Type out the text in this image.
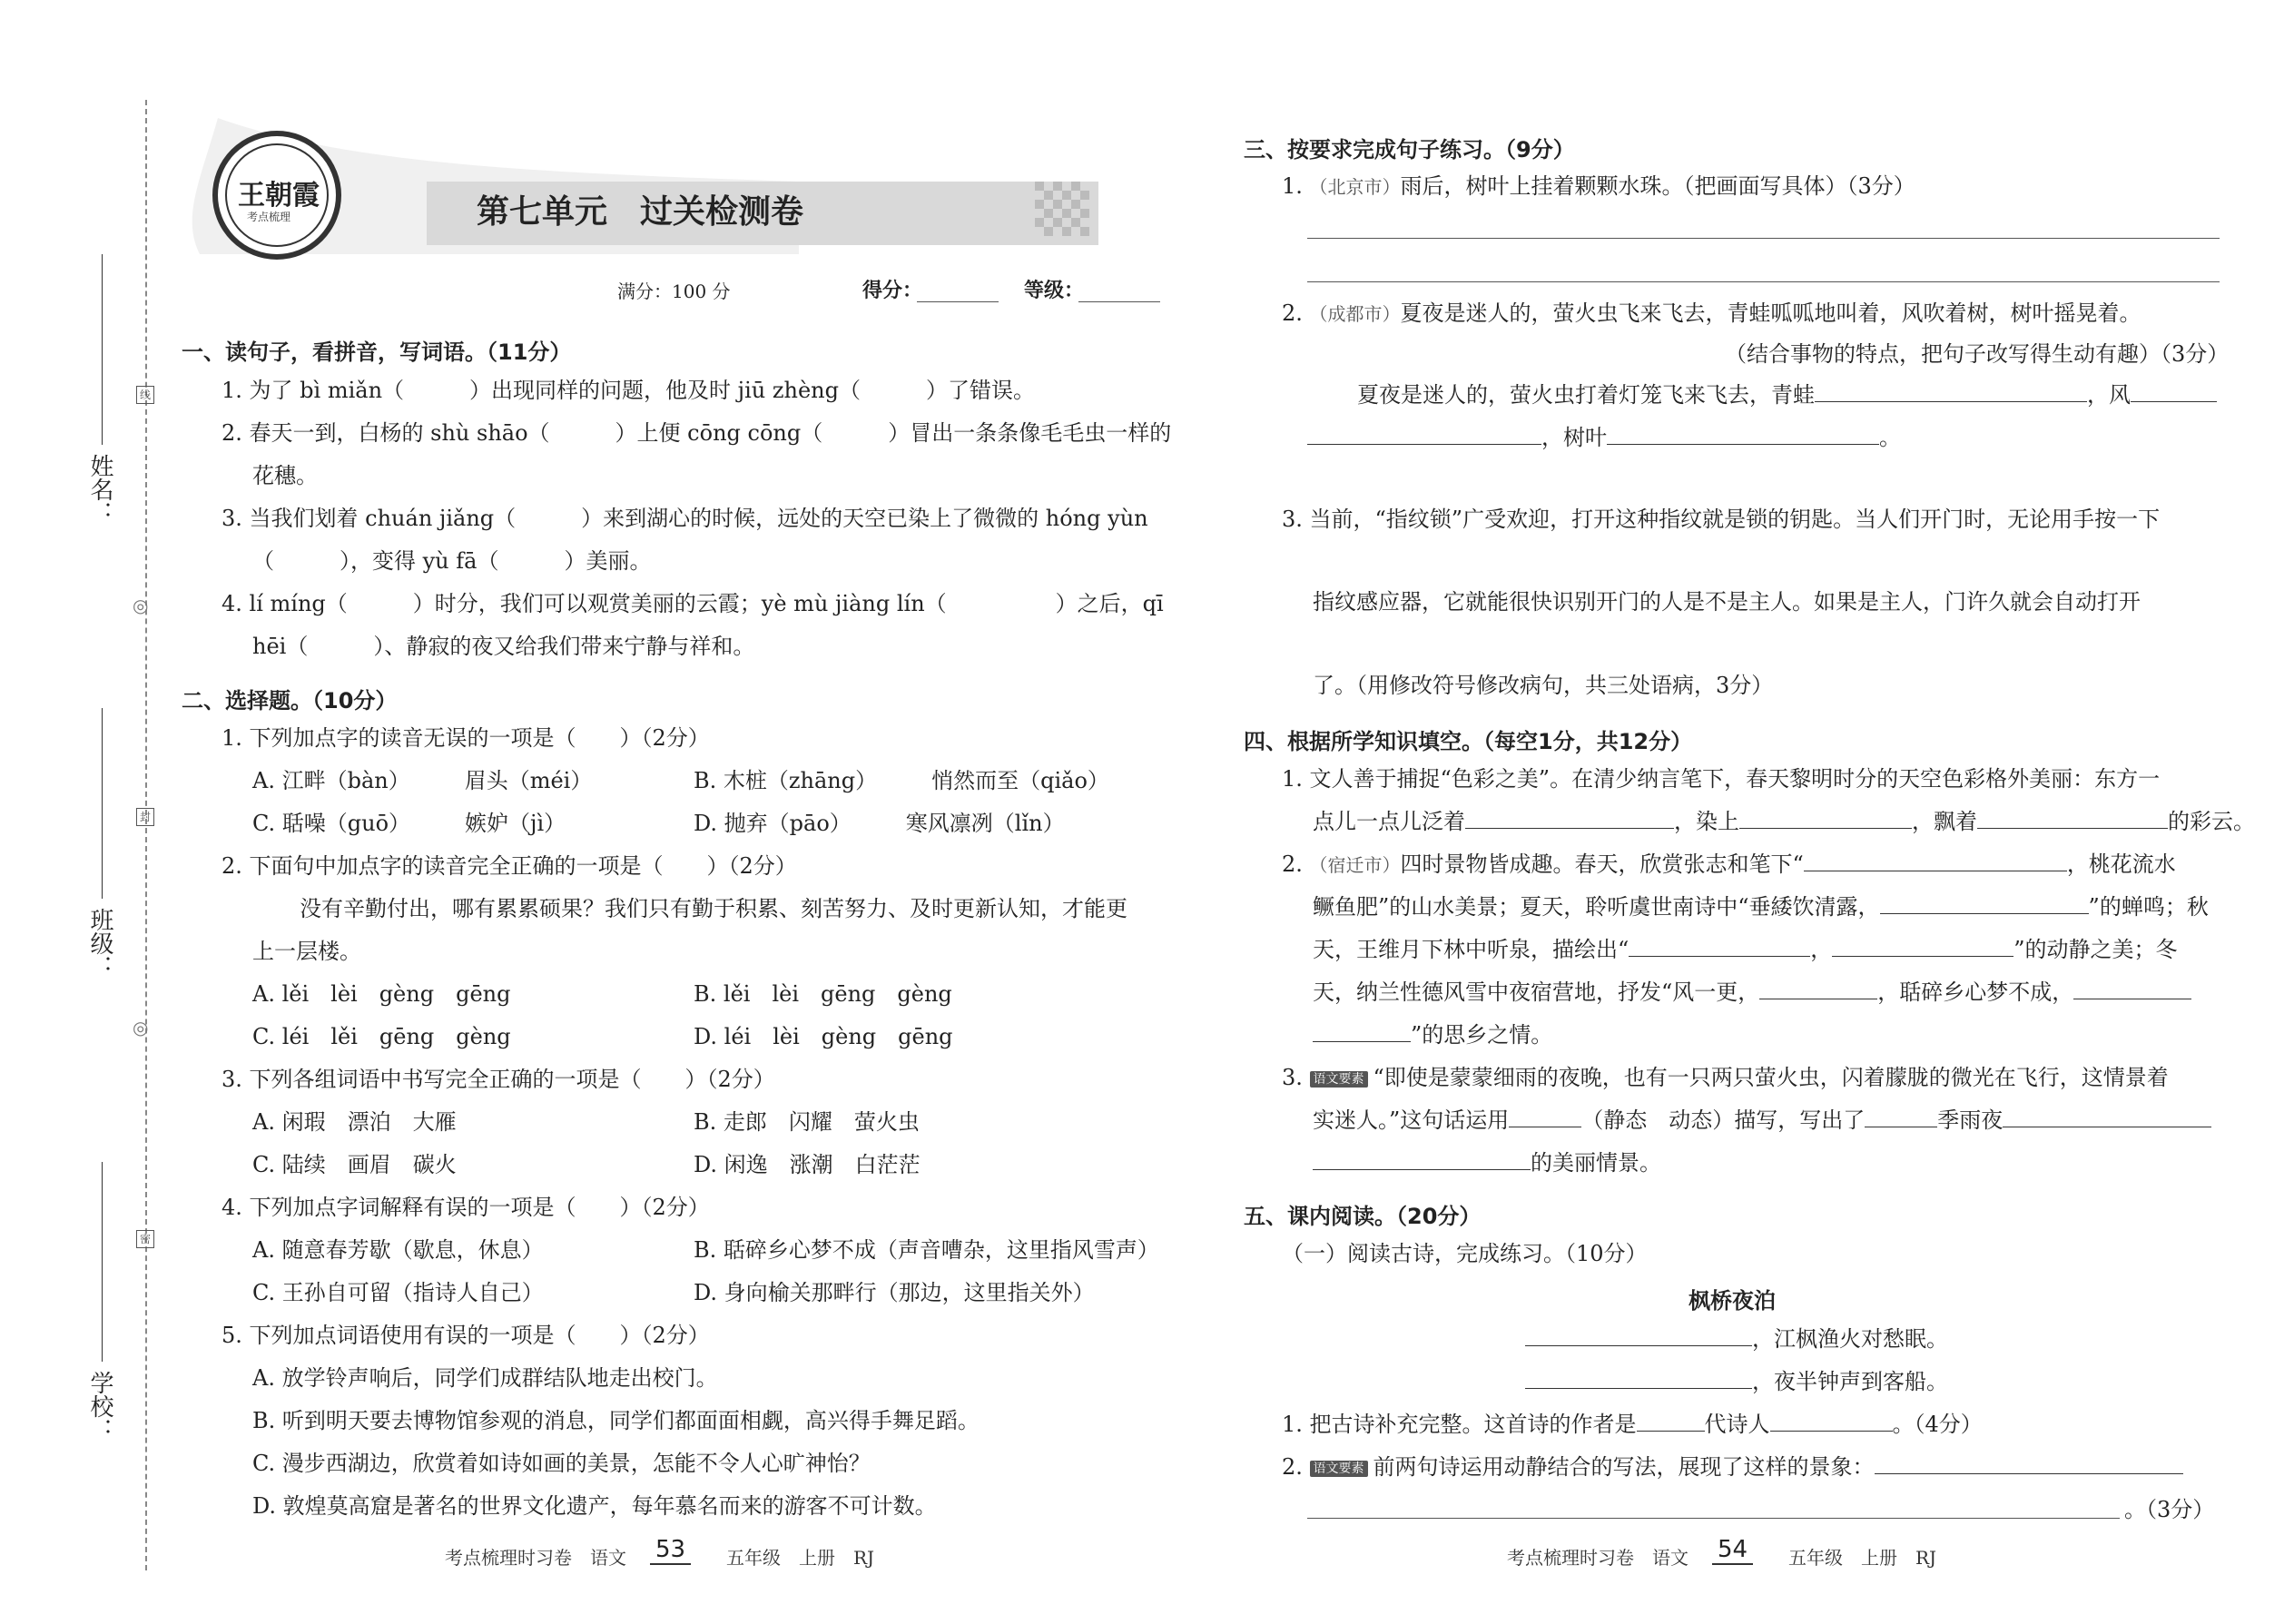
线
封
密
◎
◎
姓名：
班级：
学校：
王朝霞
考点梳理	第七单元　过关检测卷
满分：100 分	得分：	等级：
一、读句子，看拼音，写词语。（11分）
1. 为了 bì miǎn（　　　）出现同样的问题，他及时 jiū zhèng（　　　）了错误。
2. 春天一到，白杨的 shù shāo（　　　）上便 cōng cōng（　　　）冒出一条条像毛毛虫一样的
花穗。
3. 当我们划着 chuán jiǎng（　　　）来到湖心的时候，远处的天空已染上了微微的 hóng yùn
（　　　），变得 yù fā（　　　）美丽。
4. lí míng（　　　）时分，我们可以观赏美丽的云霞；yè mù jiàng lín（　　　　　）之后，qī
hēi（　　　）、静寂的夜又给我们带来宁静与祥和。
二、选择题。（10分）
1. 下列加点字的读音无误的一项是（　　）（2分）
A. 江畔（bàn）　　　眉头（méi）	B. 木桩（zhāng）　　　悄然而至（qiǎo）
C. 聒噪（guō）　　　嫉妒（jì）	D. 抛弃（pāo）　　　寒风凛冽（lǐn）
2. 下面句中加点字的读音完全正确的一项是（　　）（2分）
没有辛勤付出，哪有累累硕果？我们只有勤于积累、刻苦努力、及时更新认知，才能更
上一层楼。
A. lěi　lèi　gèng　gēng	B. lěi　lèi　gēng　gèng
C. léi　lěi　gēng　gèng	D. léi　lèi　gèng　gēng
3. 下列各组词语中书写完全正确的一项是（　　）（2分）
A. 闲瑕　漂泊　大雁	B. 走郎　闪耀　萤火虫
C. 陆续　画眉　碳火	D. 闲逸　涨潮　白茫茫
4. 下列加点字词解释有误的一项是（　　）（2分）
A. 随意春芳歇（歇息，休息）	B. 聒碎乡心梦不成（声音嘈杂，这里指风雪声）
C. 王孙自可留（指诗人自己）	D. 身向榆关那畔行（那边，这里指关外）
5. 下列加点词语使用有误的一项是（　　）（2分）
A. 放学铃声响后，同学们成群结队地走出校门。
B. 听到明天要去博物馆参观的消息，同学们都面面相觑，高兴得手舞足蹈。
C. 漫步西湖边，欣赏着如诗如画的美景，怎能不令人心旷神怡？
D. 敦煌莫高窟是著名的世界文化遗产，每年慕名而来的游客不可计数。
考点梳理时习卷　语文 53	五年级　上册　RJ
三、按要求完成句子练习。（9分）
1. （北京市）雨后，树叶上挂着颗颗水珠。（把画面写具体）（3分）
2. （成都市）夏夜是迷人的，萤火虫飞来飞去，青蛙呱呱地叫着，风吹着树，树叶摇晃着。
（结合事物的特点，把句子改写得生动有趣）（3分）
夏夜是迷人的，萤火虫打着灯笼飞来飞去，青蛙	，风
，树叶	。
3. 当前，“指纹锁”广受欢迎，打开这种指纹就是锁的钥匙。当人们开门时，无论用手按一下
指纹感应器，它就能很快识别开门的人是不是主人。如果是主人，门许久就会自动打开
了。（用修改符号修改病句，共三处语病，3分）
四、根据所学知识填空。（每空1分，共12分）
1. 文人善于捕捉“色彩之美”。在清少纳言笔下，春天黎明时分的天空色彩格外美丽：东方一
点儿一点儿泛着	，染上	，飘着	的彩云。
2. （宿迁市）四时景物皆成趣。春天，欣赏张志和笔下“	，桃花流水
鳜鱼肥”的山水美景；夏天，聆听虞世南诗中“垂緌饮清露，	”的蝉鸣；秋
天，王维月下林中听泉，描绘出“	，	”的动静之美；冬
天，纳兰性德风雪中夜宿营地，抒发“风一更，	，聒碎乡心梦不成，
”的思乡之情。
3. 语文要素 “即使是蒙蒙细雨的夜晚，也有一只两只萤火虫，闪着朦胧的微光在飞行，这情景着
实迷人。”这句话运用	（静态　动态）描写，写出了	季雨夜
的美丽情景。
五、课内阅读。（20分）
（一）阅读古诗，完成练习。（10分）
枫桥夜泊
，江枫渔火对愁眠。
，夜半钟声到客船。
1. 把古诗补充完整。这首诗的作者是	代诗人	。（4分）
2. 语文要素 前两句诗运用动静结合的写法，展现了这样的景象：
。（3分）
考点梳理时习卷　语文 54	五年级　上册　RJ
